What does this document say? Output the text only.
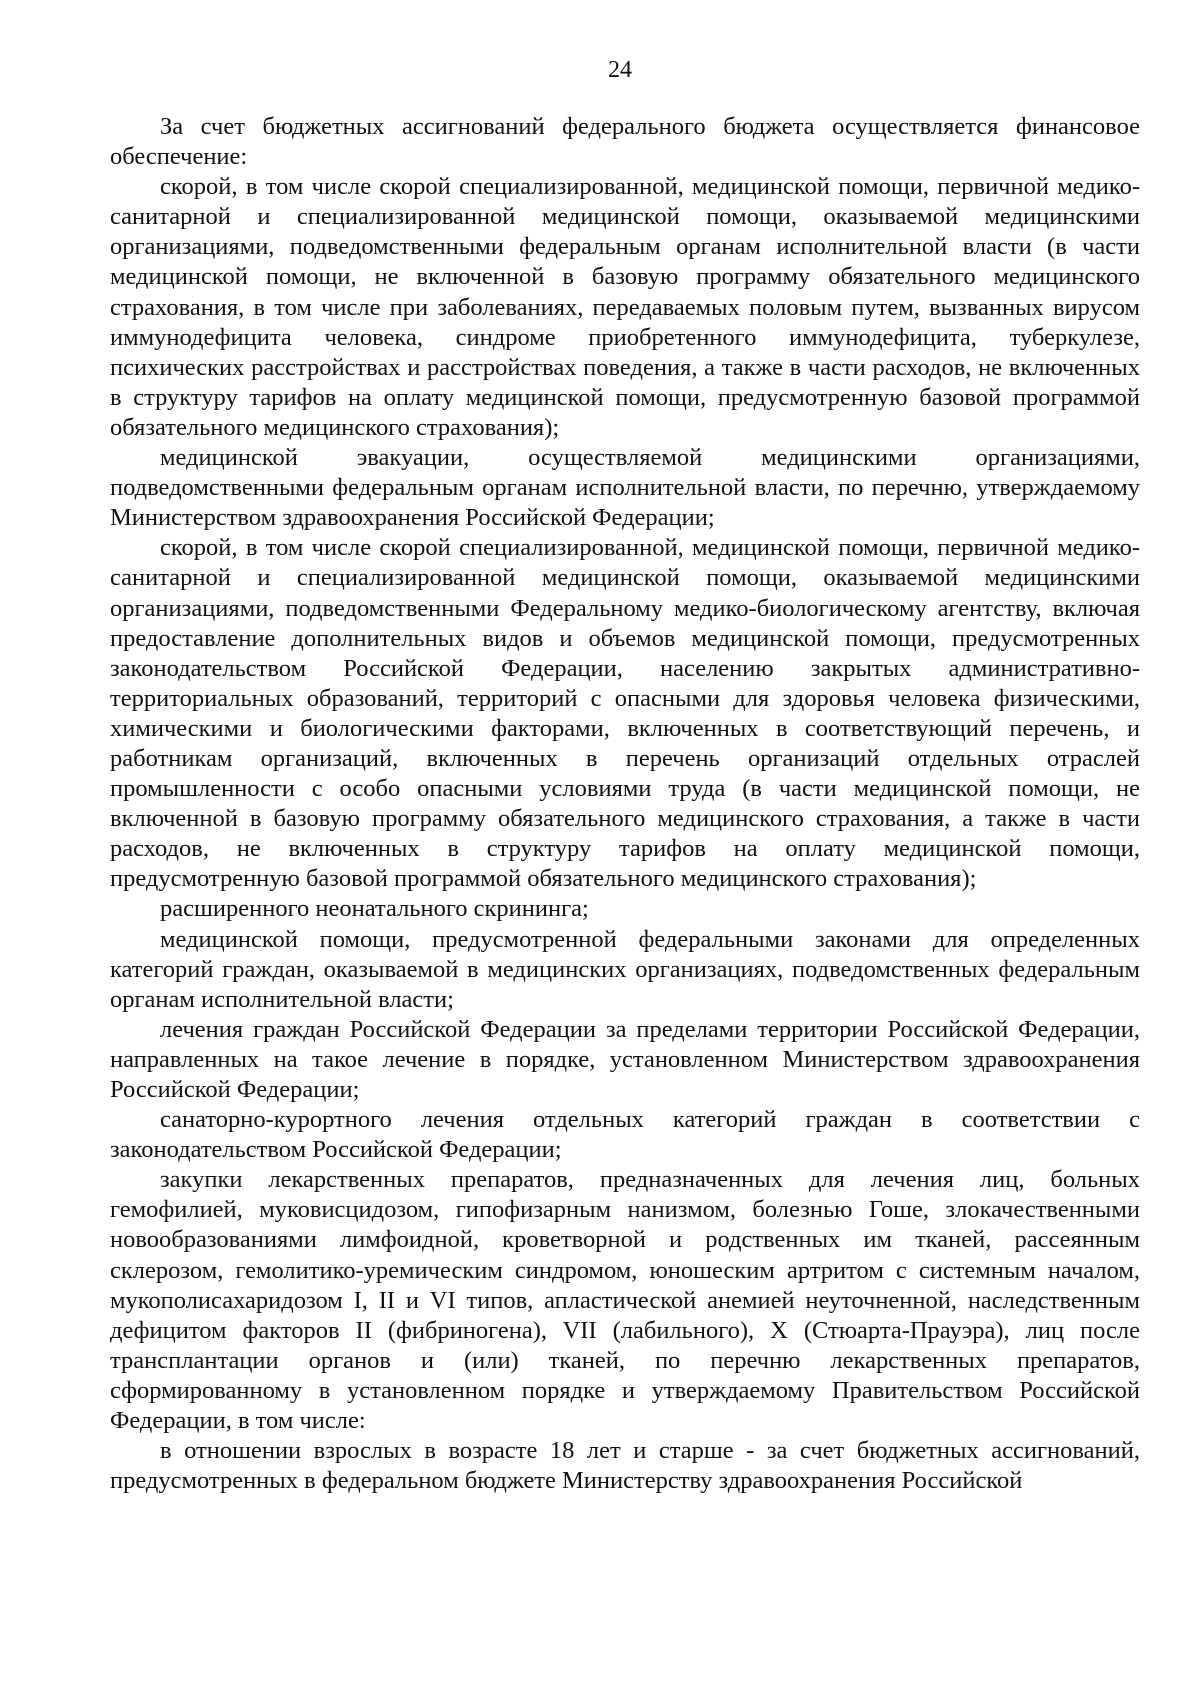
24

За счет бюджетных ассигнований федерального бюджета осуществляется финансовое обеспечение:

скорой, в том числе скорой специализированной, медицинской помощи, первичной медико-санитарной и специализированной медицинской помощи, оказываемой медицинскими организациями, подведомственными федеральным органам исполнительной власти (в части медицинской помощи, не включенной в базовую программу обязательного медицинского страхования, в том числе при заболеваниях, передаваемых половым путем, вызванных вирусом иммунодефицита человека, синдроме приобретенного иммунодефицита, туберкулезе, психических расстройствах и расстройствах поведения, а также в части расходов, не включенных в структуру тарифов на оплату медицинской помощи, предусмотренную базовой программой обязательного медицинского страхования);

медицинской эвакуации, осуществляемой медицинскими организациями, подведомственными федеральным органам исполнительной власти, по перечню, утверждаемому Министерством здравоохранения Российской Федерации;

скорой, в том числе скорой специализированной, медицинской помощи, первичной медико-санитарной и специализированной медицинской помощи, оказываемой медицинскими организациями, подведомственными Федеральному медико-биологическому агентству, включая предоставление дополнительных видов и объемов медицинской помощи, предусмотренных законодательством Российской Федерации, населению закрытых административно-территориальных образований, территорий с опасными для здоровья человека физическими, химическими и биологическими факторами, включенных в соответствующий перечень, и работникам организаций, включенных в перечень организаций отдельных отраслей промышленности с особо опасными условиями труда (в части медицинской помощи, не включенной в базовую программу обязательного медицинского страхования, а также в части расходов, не включенных в структуру тарифов на оплату медицинской помощи, предусмотренную базовой программой обязательного медицинского страхования);

расширенного неонатального скрининга;

медицинской помощи, предусмотренной федеральными законами для определенных категорий граждан, оказываемой в медицинских организациях, подведомственных федеральным органам исполнительной власти;

лечения граждан Российской Федерации за пределами территории Российской Федерации, направленных на такое лечение в порядке, установленном Министерством здравоохранения Российской Федерации;

санаторно-курортного лечения отдельных категорий граждан в соответствии с законодательством Российской Федерации;

закупки лекарственных препаратов, предназначенных для лечения лиц, больных гемофилией, муковисцидозом, гипофизарным нанизмом, болезнью Гоше, злокачественными новообразованиями лимфоидной, кроветворной и родственных им тканей, рассеянным склерозом, гемолитико-уремическим синдромом, юношеским артритом с системным началом, мукополисахаридозом I, II и VI типов, апластической анемией неуточненной, наследственным дефицитом факторов II (фибриногена), VII (лабильного), X (Стюарта-Прауэра), лиц после трансплантации органов и (или) тканей, по перечню лекарственных препаратов, сформированному в установленном порядке и утверждаемому Правительством Российской Федерации, в том числе:

в отношении взрослых в возрасте 18 лет и старше - за счет бюджетных ассигнований, предусмотренных в федеральном бюджете Министерству здравоохранения Российской
